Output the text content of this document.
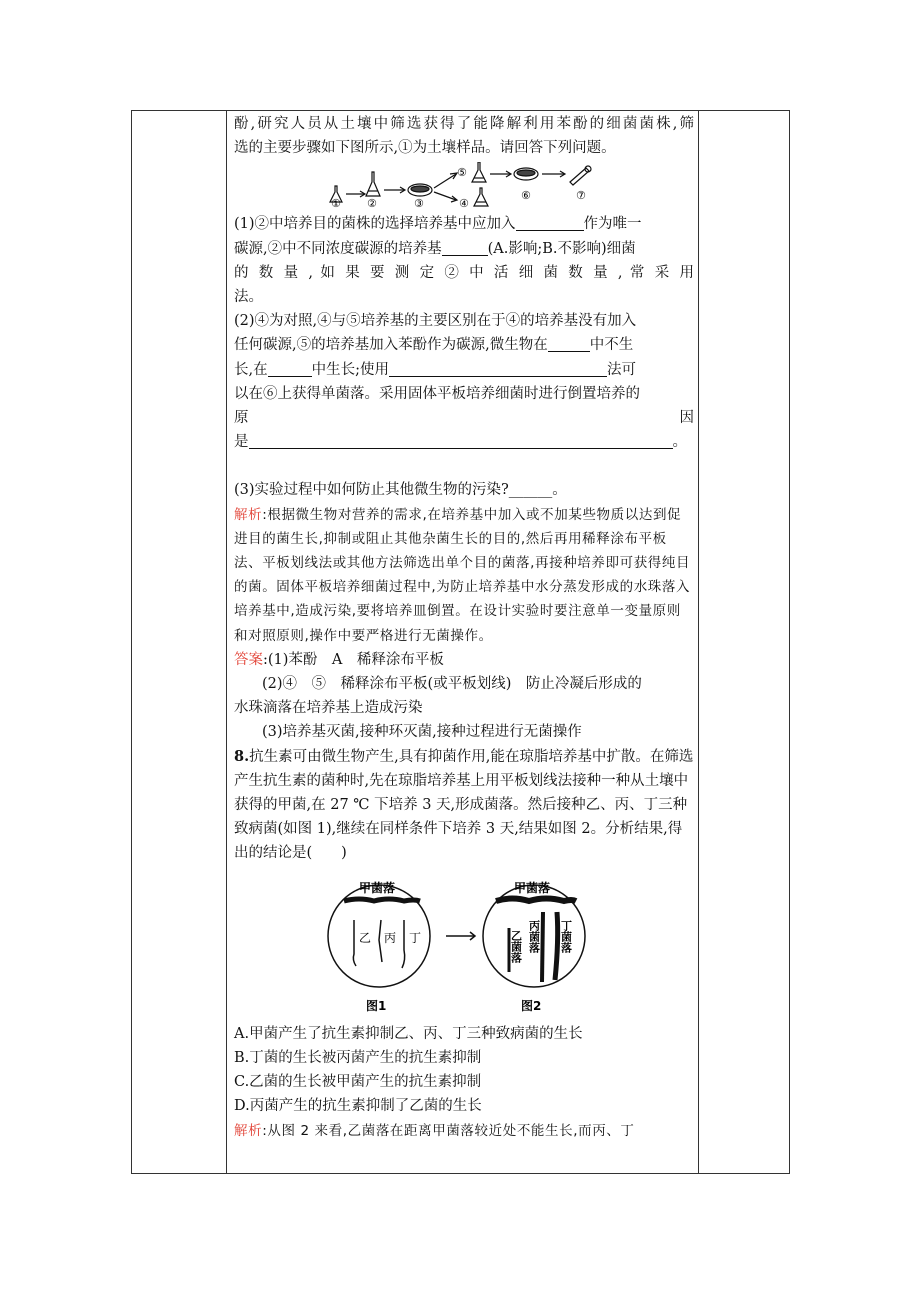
酚,研究人员从土壤中筛选获得了能降解利用苯酚的细菌菌株,筛

选的主要步骤如下图所示,①为土壤样品。请回答下列问题。

① ②	③	④
⑤
⑥	⑦

(1)②中培养目的菌株的选择培养基中应加入	作为唯一

碳源,②中不同浓度碳源的培养基	(A.影响;B.不影响)细菌

的 数 量 , 如 果 要 测 定 ② 中 活 细 菌 数 量 , 常 采 用

法。

(2)④为对照,④与⑤培养基的主要区别在于④的培养基没有加入

任何碳源,⑤的培养基加入苯酚作为碳源,微生物在	中不生

长,在	中生长;使用	法可

以在⑥上获得单菌落。采用固体平板培养细菌时进行倒置培养的

原	因

是	。

(3)实验过程中如何防止其他微生物的污染?______。

解析:根据微生物对营养的需求,在培养基中加入或不加某些物质以达到促进目的菌生长,抑制或阻止其他杂菌生长的目的,然后再用稀释涂布平板法、平板划线法或其他方法筛选出单个目的菌落,再接种培养即可获得纯目的菌。固体平板培养细菌过程中,为防止培养基中水分蒸发形成的水珠落入培养基中,造成污染,要将培养皿倒置。在设计实验时要注意单一变量原则和对照原则,操作中要严格进行无菌操作。

答案:(1)苯酚　A　稀释涂布平板

(2)④　⑤　稀释涂布平板(或平板划线)　防止冷凝后形成的

水珠滴落在培养基上造成污染

(3)培养基灭菌,接种环灭菌,接种过程进行无菌操作

8.抗生素可由微生物产生,具有抑菌作用,能在琼脂培养基中扩散。在筛选产生抗生素的菌种时,先在琼脂培养基上用平板划线法接种一种从土壤中获得的甲菌,在 27 ℃ 下培养 3 天,形成菌落。然后接种乙、丙、丁三种致病菌(如图 1),继续在同样条件下培养 3 天,结果如图 2。分析结果,得出的结论是(　　)

甲菌落
乙 丙 丁
图1
甲菌落
乙菌落 丙菌落 丁菌落
图2

A.甲菌产生了抗生素抑制乙、丙、丁三种致病菌的生长

B.丁菌的生长被丙菌产生的抗生素抑制

C.乙菌的生长被甲菌产生的抗生素抑制

D.丙菌产生的抗生素抑制了乙菌的生长

解析:从图 2 来看,乙菌落在距离甲菌落较近处不能生长,而丙、丁
